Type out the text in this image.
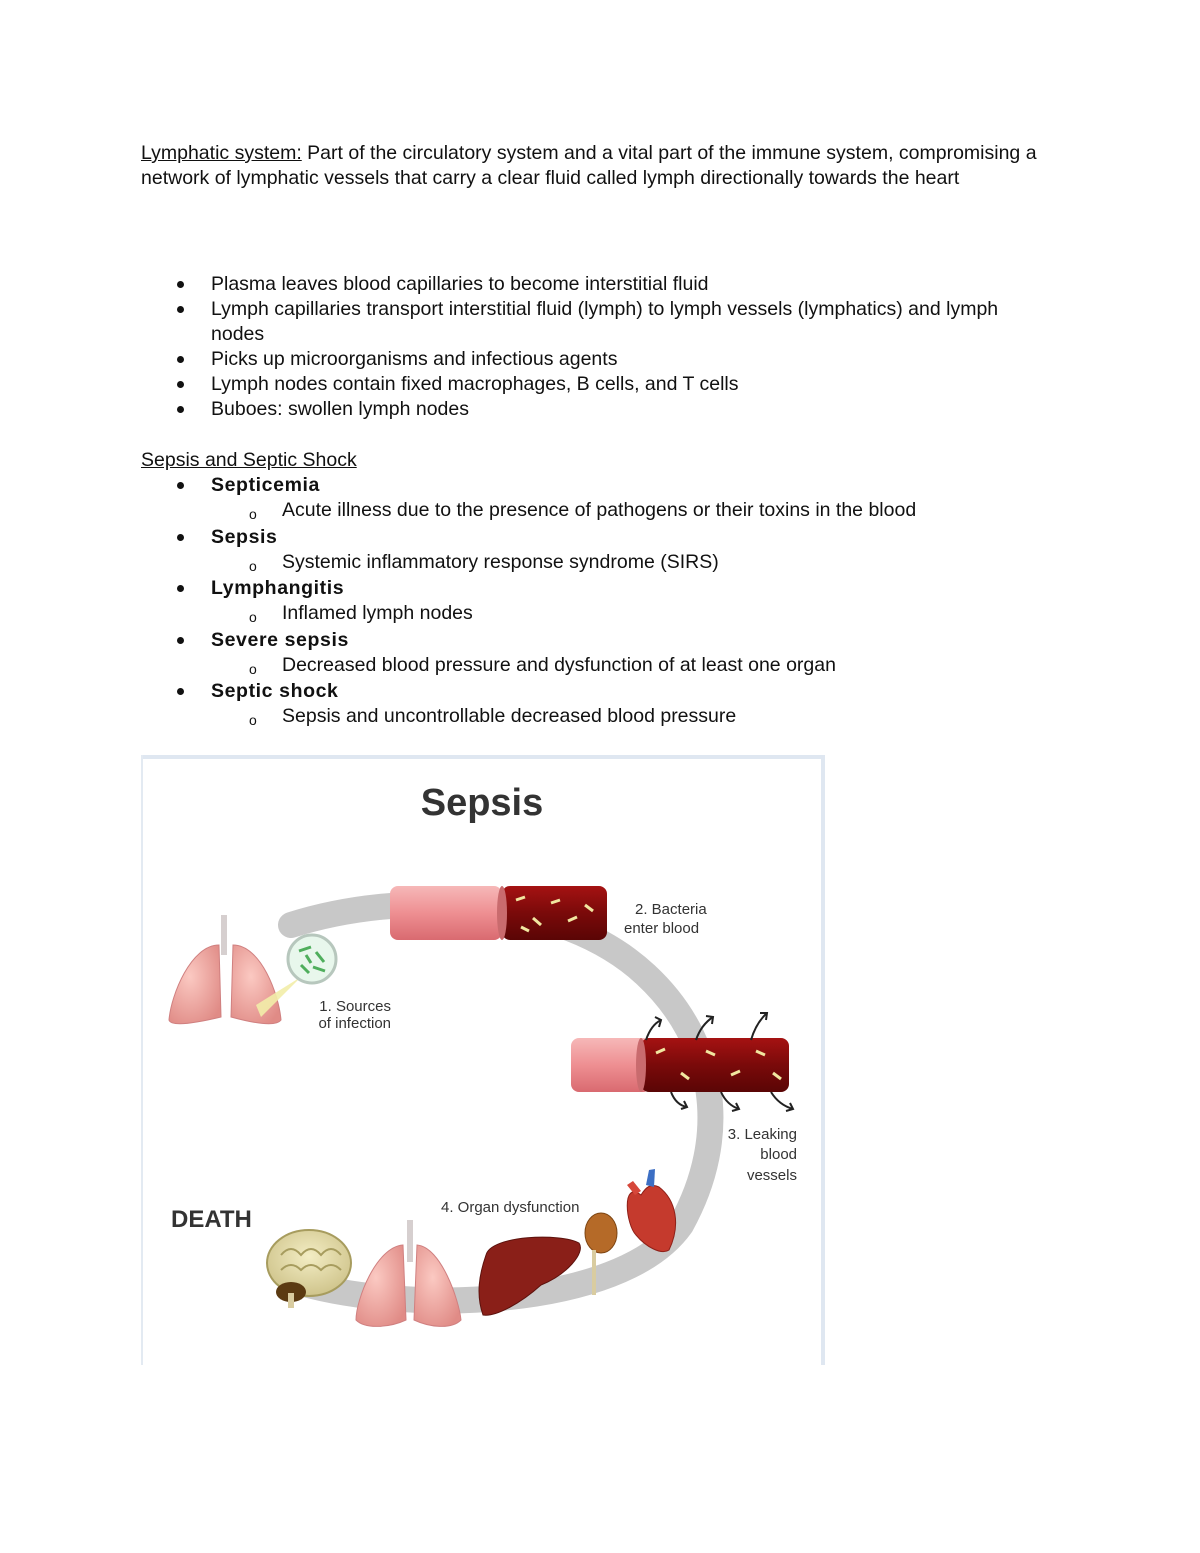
Lymphatic system: Part of the circulatory system and a vital part of the immune system, compromising a network of lymphatic vessels that carry a clear fluid called lymph directionally towards the heart

Plasma leaves blood capillaries to become interstitial fluid
Lymph capillaries transport interstitial fluid (lymph) to lymph vessels (lymphatics) and lymph nodes
Picks up microorganisms and infectious agents
Lymph nodes contain fixed macrophages, B cells, and T cells
Buboes: swollen lymph nodes
Sepsis and Septic Shock
Septicemia
o Acute illness due to the presence of pathogens or their toxins in the blood
Sepsis
o Systemic inflammatory response syndrome (SIRS)
Lymphangitis
o Inflamed lymph nodes
Severe sepsis
o Decreased blood pressure and dysfunction of at least one organ
Septic shock
o Sepsis and uncontrollable decreased blood pressure
Sepsis
1. Sources
of infection
2. Bacteria
enter blood
3. Leaking
blood
vessels
4. Organ dysfunction
DEATH
